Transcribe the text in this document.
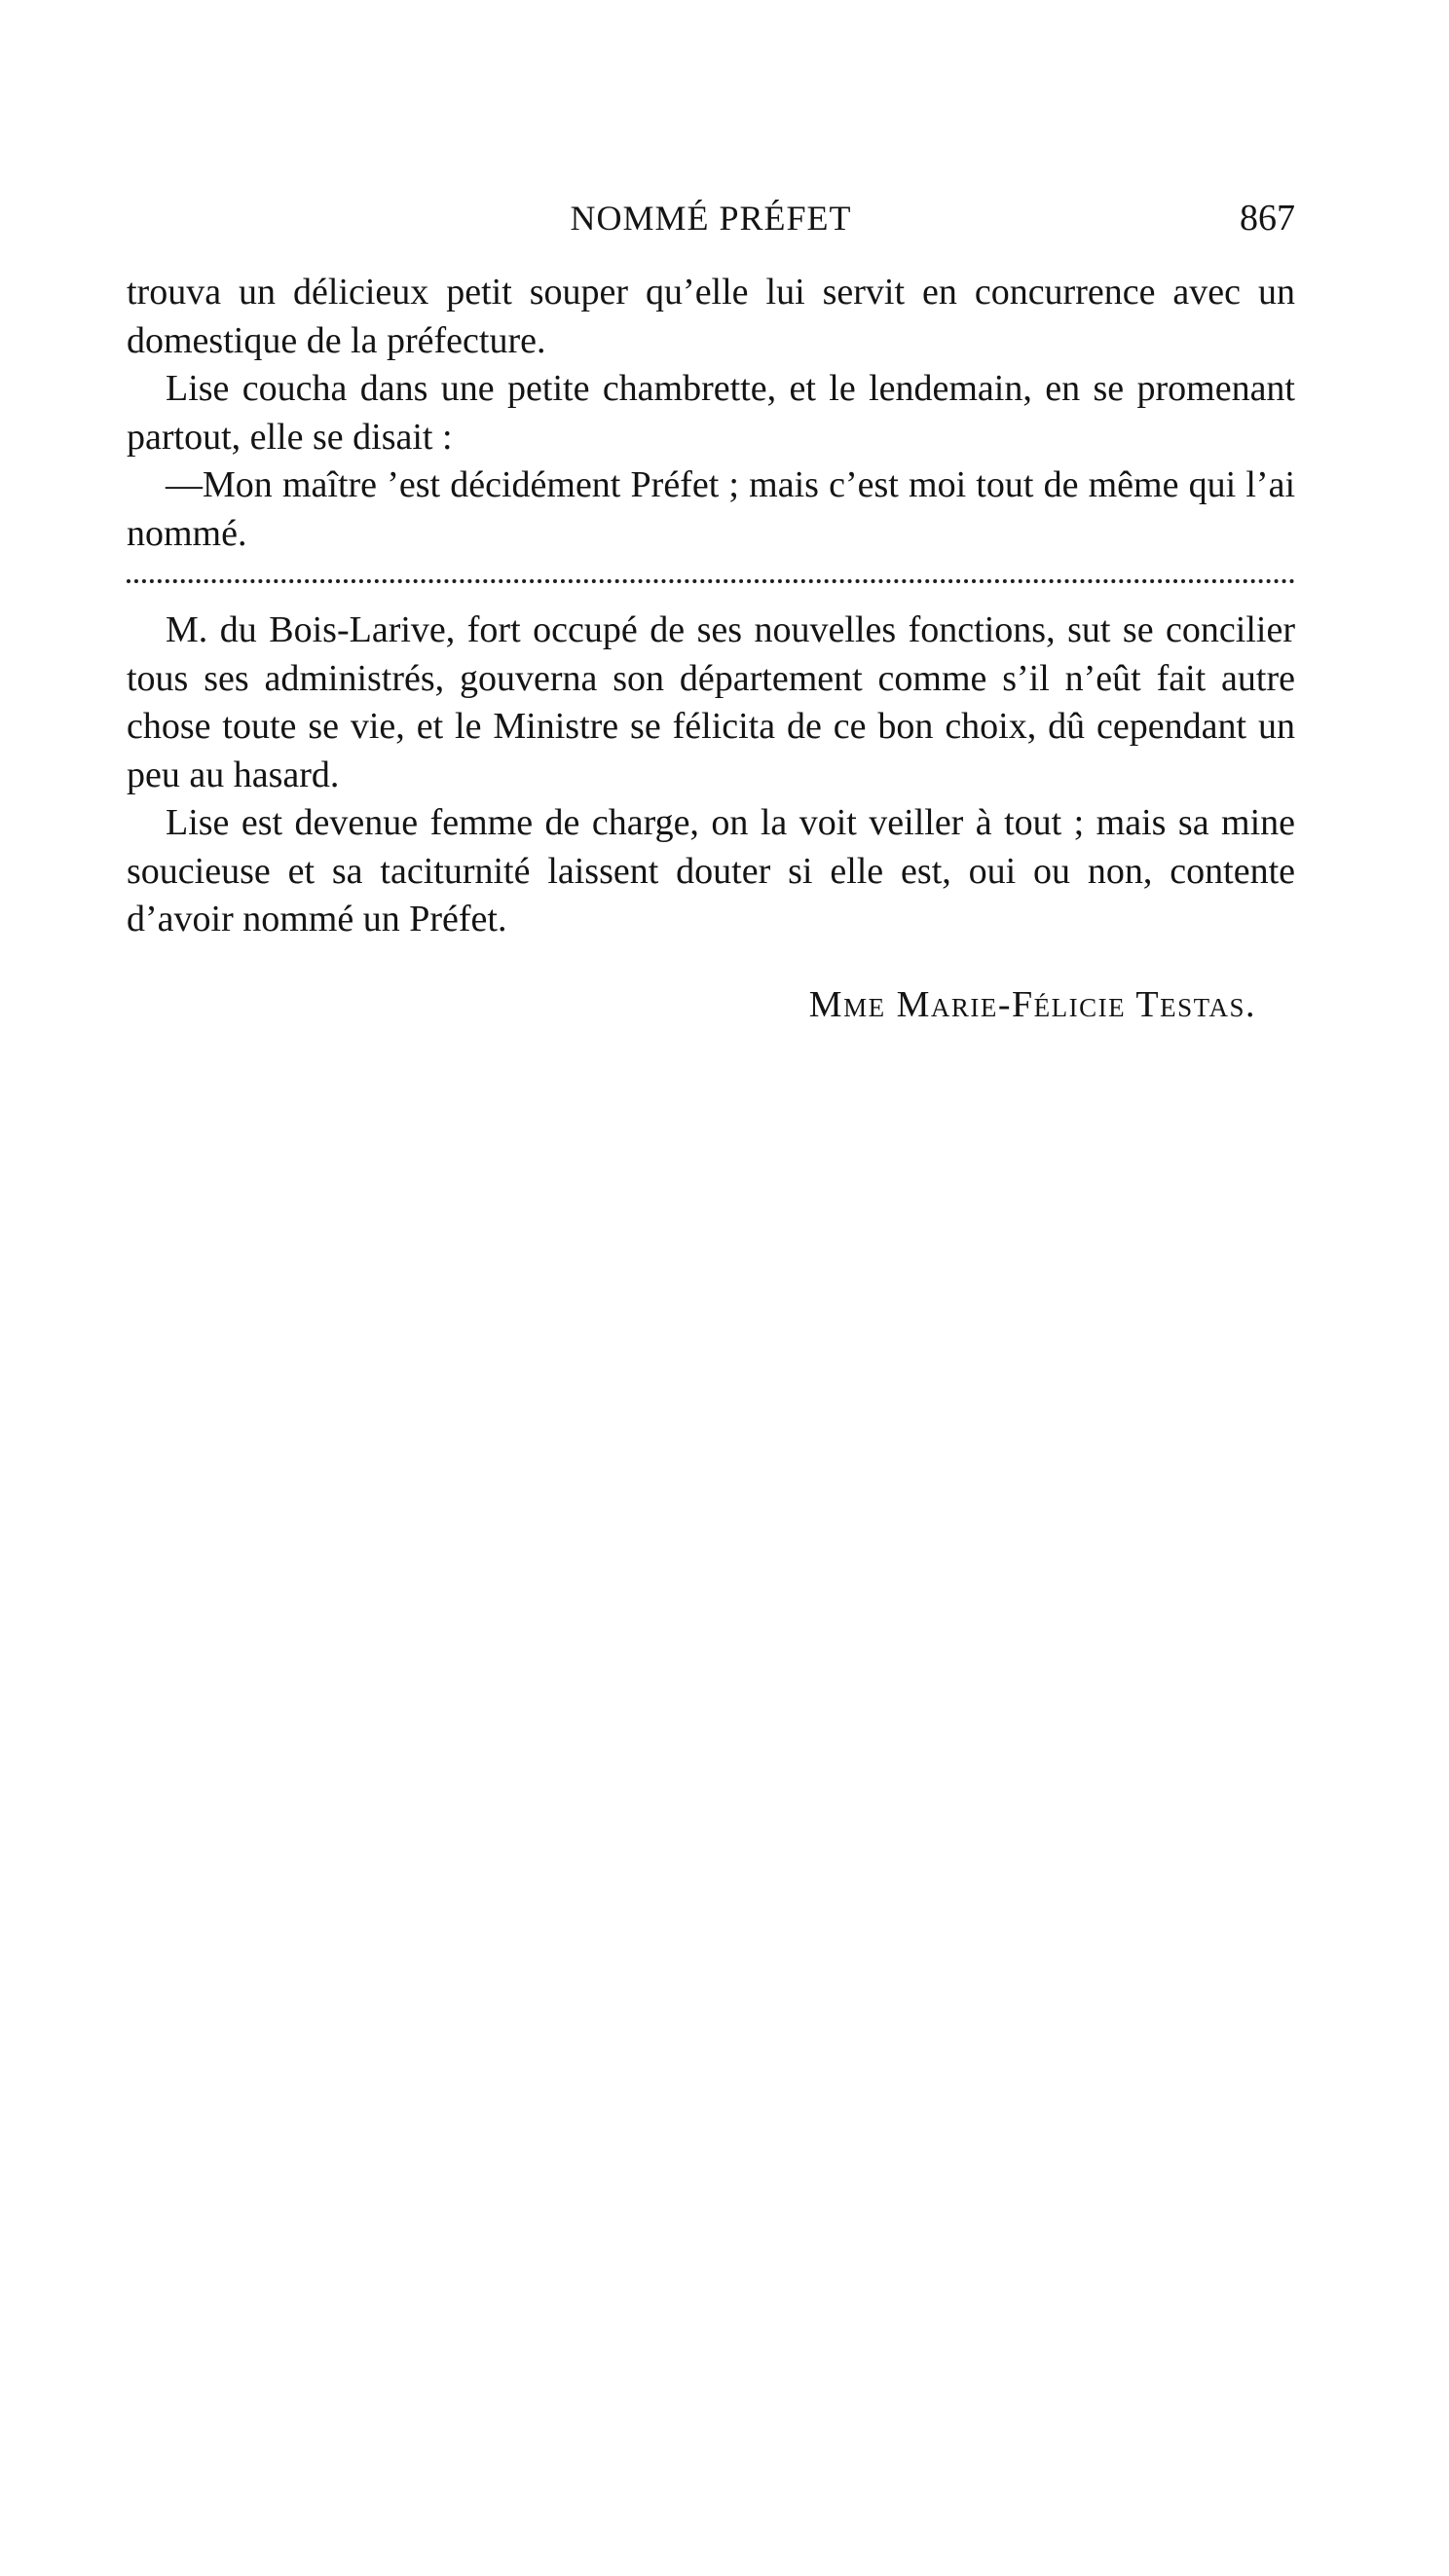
NOMMÉ PRÉFET	867

trouva un délicieux petit souper qu’elle lui servit en concurrence avec un domestique de la préfecture.

Lise coucha dans une petite chambrette, et le lendemain, en se promenant partout, elle se disait :

—Mon maître ’est décidément Préfet ; mais c’est moi tout de même qui l’ai nommé.

M. du Bois-Larive, fort occupé de ses nouvelles fonctions, sut se concilier tous ses administrés, gouverna son département comme s’il n’eût fait autre chose toute se vie, et le Ministre se félicita de ce bon choix, dû cependant un peu au hasard.

Lise est devenue femme de charge, on la voit veiller à tout ; mais sa mine soucieuse et sa taciturnité laissent douter si elle est, oui ou non, contente d’avoir nommé un Préfet.

Mme Marie-Félicie Testas.
